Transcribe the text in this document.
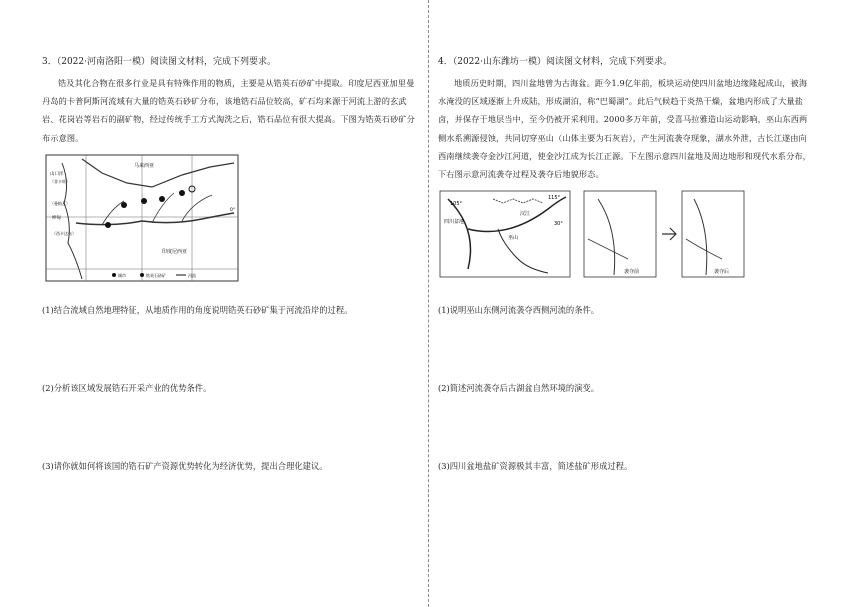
3．（2022·河南洛阳一模）阅读图文材料，完成下列要求。

锆及其化合物在很多行业是具有特殊作用的物质，主要是从锆英石砂矿中提取。印度尼西亚加里曼丹岛的卡普阿斯河流域有大量的锆英石砂矿分布，该地锆石品位较高，矿石均来源于河流上游的玄武岩、花岗岩等岩石的副矿物，经过传统手工方式淘洗之后，锆石品位有很大提高。下图为锆英石砂矿分布示意图。

马来西亚
山口洋
（非卡旺）
（曼帕瓦）
坤甸
（西卡达乌）
印度尼西亚
0°
城市	锆英石砂矿	河流
(1)结合流域自然地理特征，从地质作用的角度说明锆英石砂矿集于河流沿岸的过程。
(2)分析该区域发展锆石开采产业的优势条件。
(3)请你就如何将该国的锆石矿产资源优势转化为经济优势，提出合理化建议。

4．（2022·山东潍坊一模）阅读图文材料，完成下列要求。

地质历史时期，四川盆地曾为古海盆。距今1.9亿年前，板块运动使四川盆地边缘隆起成山，被海水淹没的区域逐渐上升成陆，形成湖泊，称“巴蜀湖”。此后气候趋于炎热干燥，盆地内形成了大量盐卤，并保存于地层当中，至今仍被开采利用。2000多万年前，受喜马拉雅造山运动影响，巫山东西两侧水系溯源侵蚀，共同切穿巫山（山体主要为石灰岩），产生河流袭夺现象，湖水外泄，古长江遂由向西南继续袭夺金沙江河道，使金沙江成为长江正源。下左图示意四川盆地及周边地形和现代水系分布，下右图示意河流袭夺过程及袭夺后地貌形态。

105°
115°
四川盆地
汉江
巫山
30°
袭夺前	袭夺后
(1)说明巫山东侧河流袭夺西侧河流的条件。
(2)简述河流袭夺后古湖盆自然环境的演变。
(3)四川盆地盐矿资源极其丰富，简述盐矿形成过程。
